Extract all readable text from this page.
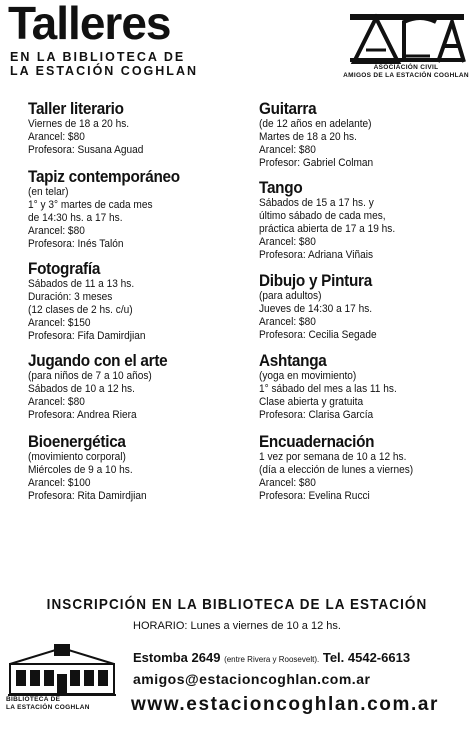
Talleres
EN LA BIBLIOTECA DE
LA ESTACIÓN COGHLAN	ASOCIACIÓN CIVIL
AMIGOS DE LA ESTACIÓN COGHLAN
Taller literario
Viernes de 18 a 20 hs.
Arancel: $80
Profesora: Susana Aguad
Tapiz contemporáneo
(en telar)
1° y 3° martes de cada mes
de 14:30 hs. a 17 hs.
Arancel: $80
Profesora: Inés Talón
Fotografía
Sábados de 11 a 13 hs.
Duración: 3 meses
(12 clases de 2 hs. c/u)
Arancel: $150
Profesora: Fifa Damirdjian
Jugando con el arte
(para niños de 7 a 10 años)
Sábados de 10 a 12 hs.
Arancel: $80
Profesora: Andrea Riera
Bioenergética
(movimiento corporal)
Miércoles de 9 a 10 hs.
Arancel: $100
Profesora: Rita Damirdjian
Guitarra
(de 12 años en adelante)
Martes de 18 a 20 hs.
Arancel: $80
Profesor: Gabriel Colman
Tango
Sábados de 15 a 17 hs. y
último sábado de cada mes,
práctica abierta de 17 a 19 hs.
Arancel: $80
Profesora: Adriana Viñais
Dibujo y Pintura
(para adultos)
Jueves de 14:30 a 17 hs.
Arancel: $80
Profesora: Cecilia Segade
Ashtanga
(yoga en movimiento)
1° sábado del mes a las 11 hs.
Clase abierta y gratuita
Profesora: Clarisa García
Encuadernación
1 vez por semana de 10 a 12 hs.
(día a elección de lunes a viernes)
Arancel: $80
Profesora: Evelina Rucci
INSCRIPCIÓN EN LA BIBLIOTECA DE LA ESTACIÓN
HORARIO: Lunes a viernes de 10 a 12 hs.
BIBLIOTECA DE
LA ESTACIÓN COGHLAN
Estomba 2649 (entre Rivera y Roosevelt). Tel. 4542-6613
amigos@estacioncoghlan.com.ar
www.estacioncoghlan.com.ar
